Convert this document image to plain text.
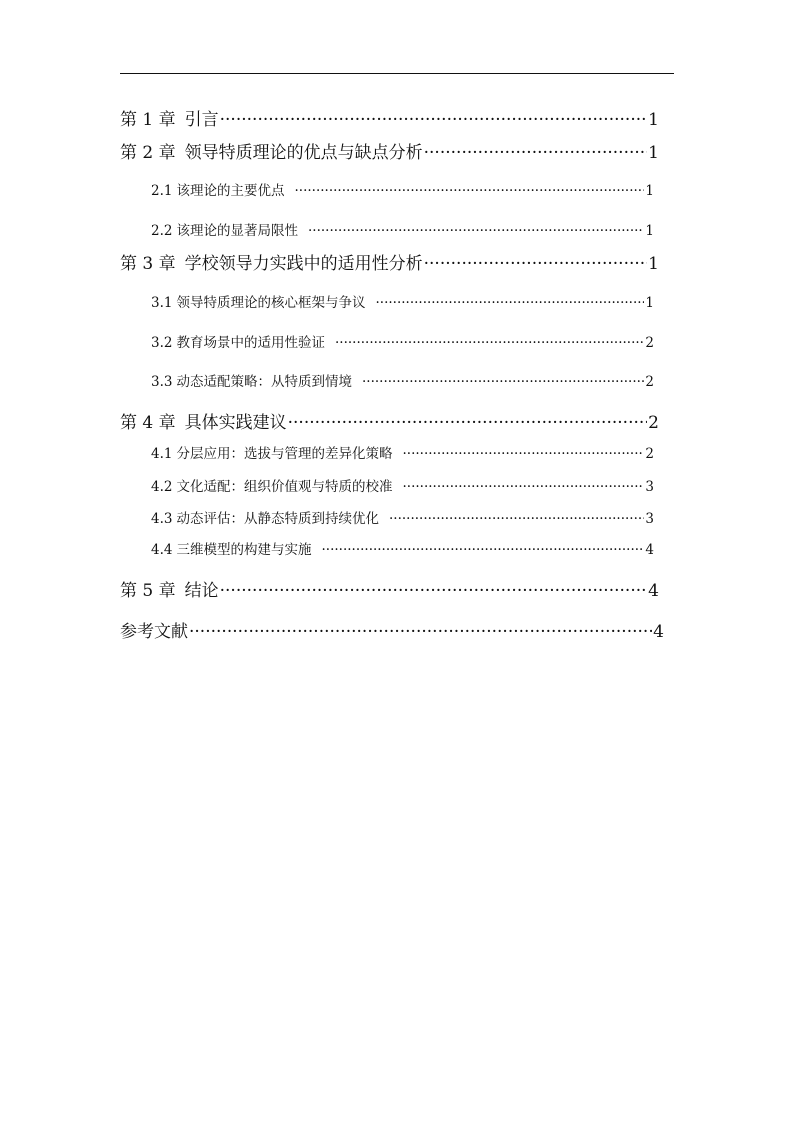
第 1 章 引言 ·····	1
第 2 章 领导特质理论的优点与缺点分析 ·····	1
2.1 该理论的主要优点 ·····	1
2.2 该理论的显著局限性 ·····	1
第 3 章 学校领导力实践中的适用性分析 ·····	1
3.1 领导特质理论的核心框架与争议 ·····	1
3.2 教育场景中的适用性验证 ·····	2
3.3 动态适配策略：从特质到情境 ·····	2
第 4 章 具体实践建议 ·····	2
4.1 分层应用：选拔与管理的差异化策略 ·····	2
4.2 文化适配：组织价值观与特质的校准 ·····	3
4.3 动态评估：从静态特质到持续优化 ·····	3
4.4 三维模型的构建与实施 ·····	4
第 5 章 结论 ·····	4
参考文献 ·····	4
